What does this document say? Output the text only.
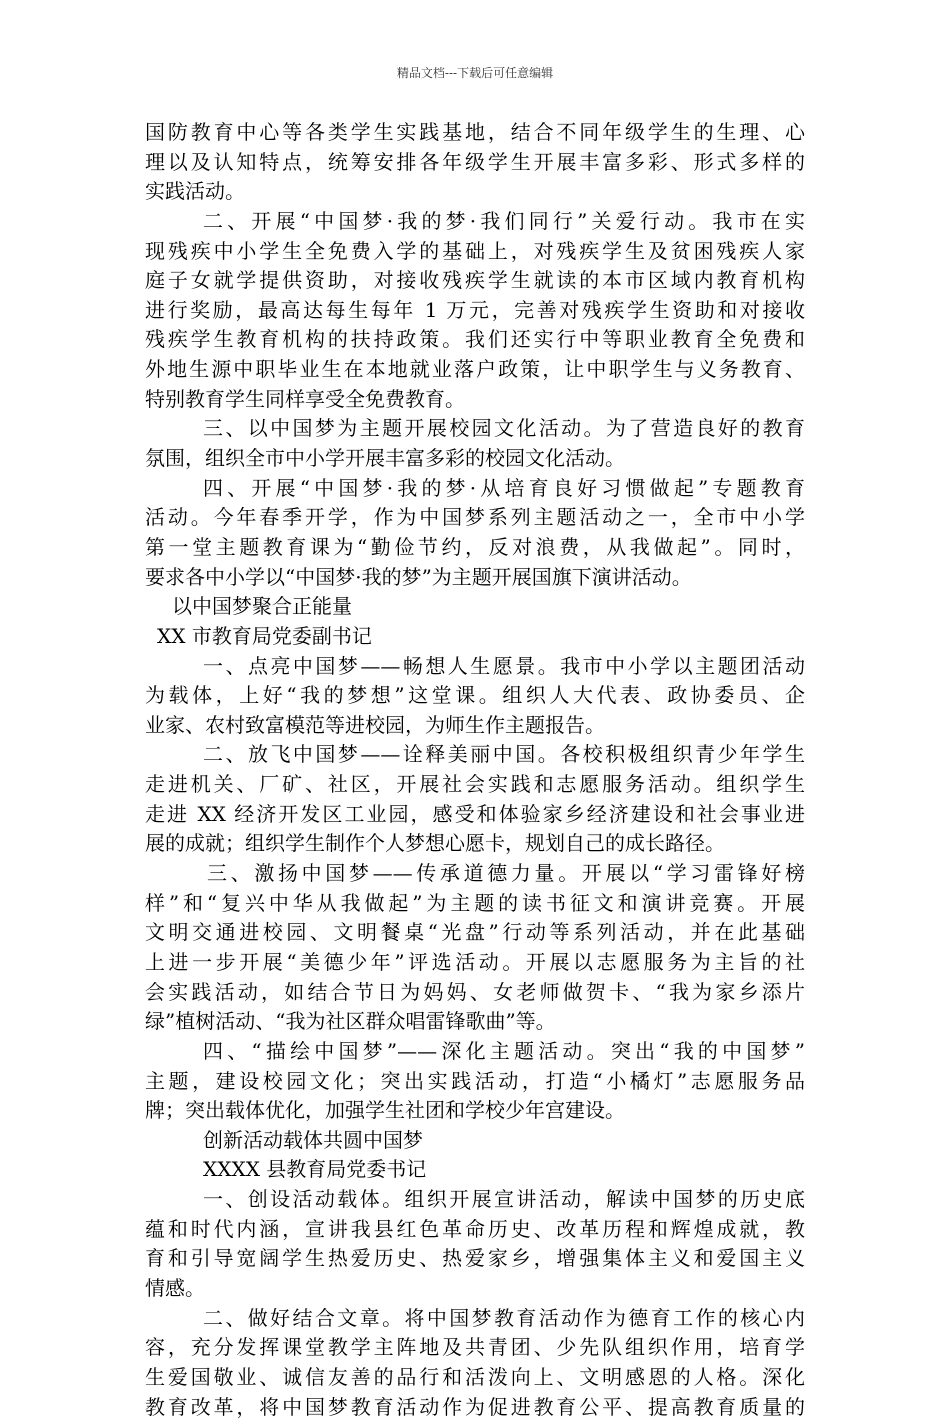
精品文档---下载后可任意编辑
国防教育中心等各类学生实践基地，结合不同年级学生的生理、心
理以及认知特点，统筹安排各年级学生开展丰富多彩、形式多样的
实践活动。
二、开展“中国梦·我的梦·我们同行”关爱行动。我市在实
现残疾中小学生全免费入学的基础上，对残疾学生及贫困残疾人家
庭子女就学提供资助，对接收残疾学生就读的本市区域内教育机构
进行奖励，最高达每生每年 1 万元，完善对残疾学生资助和对接收
残疾学生教育机构的扶持政策。我们还实行中等职业教育全免费和
外地生源中职毕业生在本地就业落户政策，让中职学生与义务教育、
特别教育学生同样享受全免费教育。
三、以中国梦为主题开展校园文化活动。为了营造良好的教育
氛围，组织全市中小学开展丰富多彩的校园文化活动。
四、开展“中国梦·我的梦·从培育良好习惯做起”专题教育
活动。今年春季开学，作为中国梦系列主题活动之一，全市中小学
第一堂主题教育课为“勤俭节约，反对浪费，从我做起”。同时，
要求各中小学以“中国梦·我的梦”为主题开展国旗下演讲活动。
以中国梦聚合正能量
XX 市教育局党委副书记
一、点亮中国梦——畅想人生愿景。我市中小学以主题团活动
为载体，上好“我的梦想”这堂课。组织人大代表、政协委员、企
业家、农村致富模范等进校园，为师生作主题报告。
二、放飞中国梦——诠释美丽中国。各校积极组织青少年学生
走进机关、厂矿、社区，开展社会实践和志愿服务活动。组织学生
走进 XX 经济开发区工业园，感受和体验家乡经济建设和社会事业进
展的成就；组织学生制作个人梦想心愿卡，规划自己的成长路径。
三、激扬中国梦——传承道德力量。开展以“学习雷锋好榜
样”和“复兴中华从我做起”为主题的读书征文和演讲竞赛。开展
文明交通进校园、文明餐桌“光盘”行动等系列活动，并在此基础
上进一步开展“美德少年”评选活动。开展以志愿服务为主旨的社
会实践活动，如结合节日为妈妈、女老师做贺卡、“我为家乡添片
绿”植树活动、“我为社区群众唱雷锋歌曲”等。
四、“描绘中国梦”——深化主题活动。突出“我的中国梦”
主题，建设校园文化；突出实践活动，打造“小橘灯”志愿服务品
牌；突出载体优化，加强学生社团和学校少年宫建设。
创新活动载体共圆中国梦
XXXX 县教育局党委书记
一、创设活动载体。组织开展宣讲活动，解读中国梦的历史底
蕴和时代内涵，宣讲我县红色革命历史、改革历程和辉煌成就，教
育和引导宽阔学生热爱历史、热爱家乡，增强集体主义和爱国主义
情感。
二、做好结合文章。将中国梦教育活动作为德育工作的核心内
容，充分发挥课堂教学主阵地及共青团、少先队组织作用，培育学
生爱国敬业、诚信友善的品行和活泼向上、文明感恩的人格。深化
教育改革，将中国梦教育活动作为促进教育公平、提高教育质量的
